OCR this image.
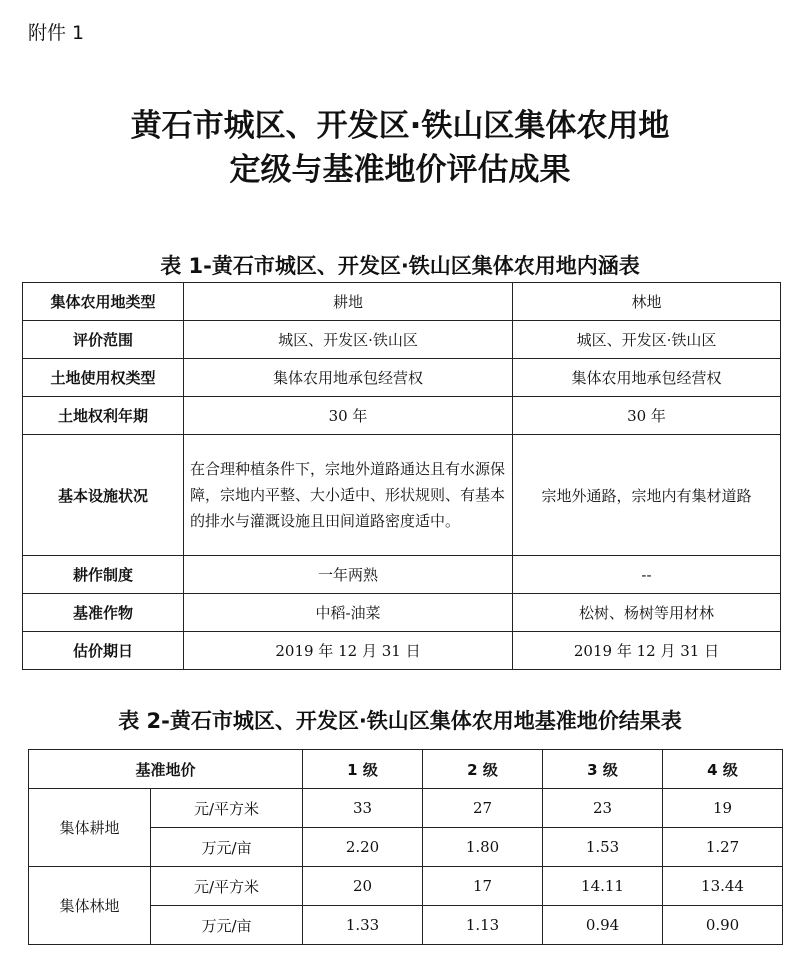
附件 1
黄石市城区、开发区·铁山区集体农用地
定级与基准地价评估成果
表 1-黄石市城区、开发区·铁山区集体农用地内涵表
集体农用地类型	耕地	林地
评价范围	城区、开发区·铁山区	城区、开发区·铁山区
土地使用权类型	集体农用地承包经营权	集体农用地承包经营权
土地权利年期	30 年	30 年
基本设施状况	在合理种植条件下，宗地外道路通达且有水源保障，宗地内平整、大小适中、形状规则、有基本的排水与灌溉设施且田间道路密度适中。	宗地外通路，宗地内有集材道路
耕作制度	一年两熟	--
基准作物	中稻-油菜	松树、杨树等用材林
估价期日	2019 年 12 月 31 日	2019 年 12 月 31 日
表 2-黄石市城区、开发区·铁山区集体农用地基准地价结果表
基准地价		1 级	2 级	3 级	4 级
集体耕地	元/平方米	33	27	23	19
	万元/亩	2.20	1.80	1.53	1.27
集体林地	元/平方米	20	17	14.11	13.44
	万元/亩	1.33	1.13	0.94	0.90
